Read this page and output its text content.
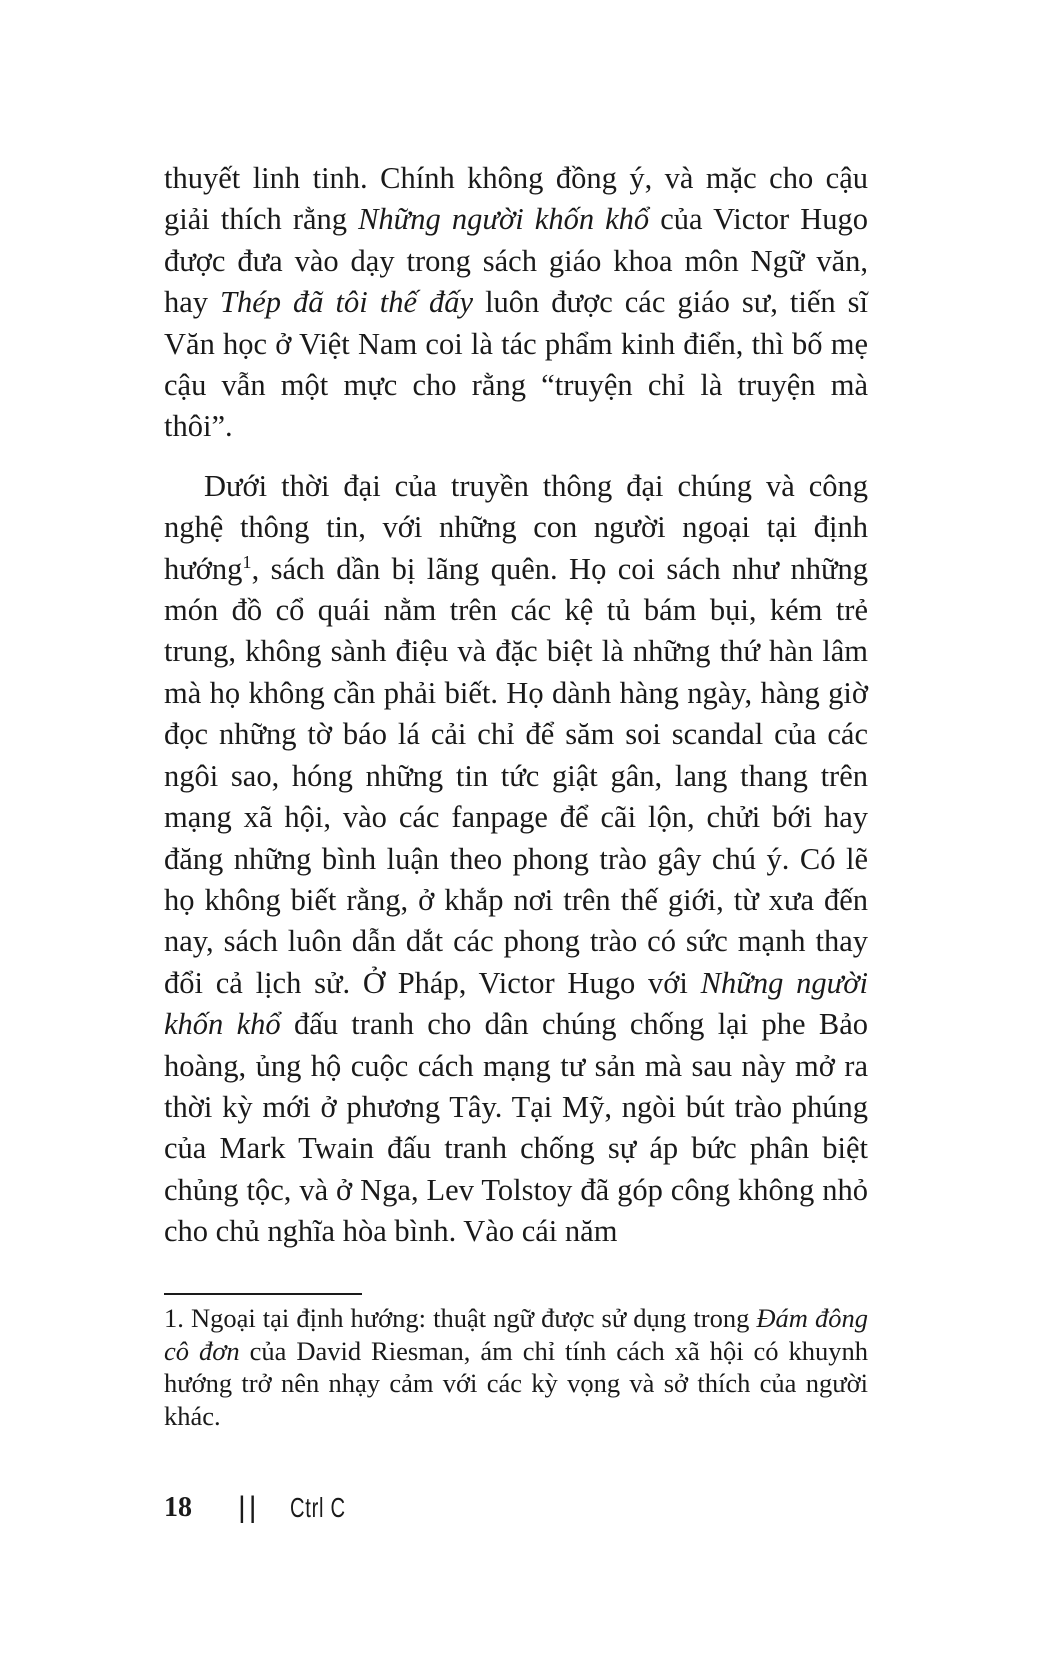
thuyết linh tinh. Chính không đồng ý, và mặc cho cậu giải thích rằng Những người khốn khổ của Victor Hugo được đưa vào dạy trong sách giáo khoa môn Ngữ văn, hay Thép đã tôi thế đấy luôn được các giáo sư, tiến sĩ Văn học ở Việt Nam coi là tác phẩm kinh điển, thì bố mẹ cậu vẫn một mực cho rằng “truyện chỉ là truyện mà thôi”.

Dưới thời đại của truyền thông đại chúng và công nghệ thông tin, với những con người ngoại tại định hướng$^1$, sách dần bị lãng quên. Họ coi sách như những món đồ cổ quái nằm trên các kệ tủ bám bụi, kém trẻ trung, không sành điệu và đặc biệt là những thứ hàn lâm mà họ không cần phải biết. Họ dành hàng ngày, hàng giờ đọc những tờ báo lá cải chỉ để săm soi scandal của các ngôi sao, hóng những tin tức giật gân, lang thang trên mạng xã hội, vào các fanpage để cãi lộn, chửi bới hay đăng những bình luận theo phong trào gây chú ý. Có lẽ họ không biết rằng, ở khắp nơi trên thế giới, từ xưa đến nay, sách luôn dẫn dắt các phong trào có sức mạnh thay đổi cả lịch sử. Ở Pháp, Victor Hugo với Những người khốn khổ đấu tranh cho dân chúng chống lại phe Bảo hoàng, ủng hộ cuộc cách mạng tư sản mà sau này mở ra thời kỳ mới ở phương Tây. Tại Mỹ, ngòi bút trào phúng của Mark Twain đấu tranh chống sự áp bức phân biệt chủng tộc, và ở Nga, Lev Tolstoy đã góp công không nhỏ cho chủ nghĩa hòa bình. Vào cái năm

1. Ngoại tại định hướng: thuật ngữ được sử dụng trong Đám đông cô đơn của David Riesman, ám chỉ tính cách xã hội có khuynh hướng trở nên nhạy cảm với các kỳ vọng và sở thích của người khác.

18 || Ctrl C
